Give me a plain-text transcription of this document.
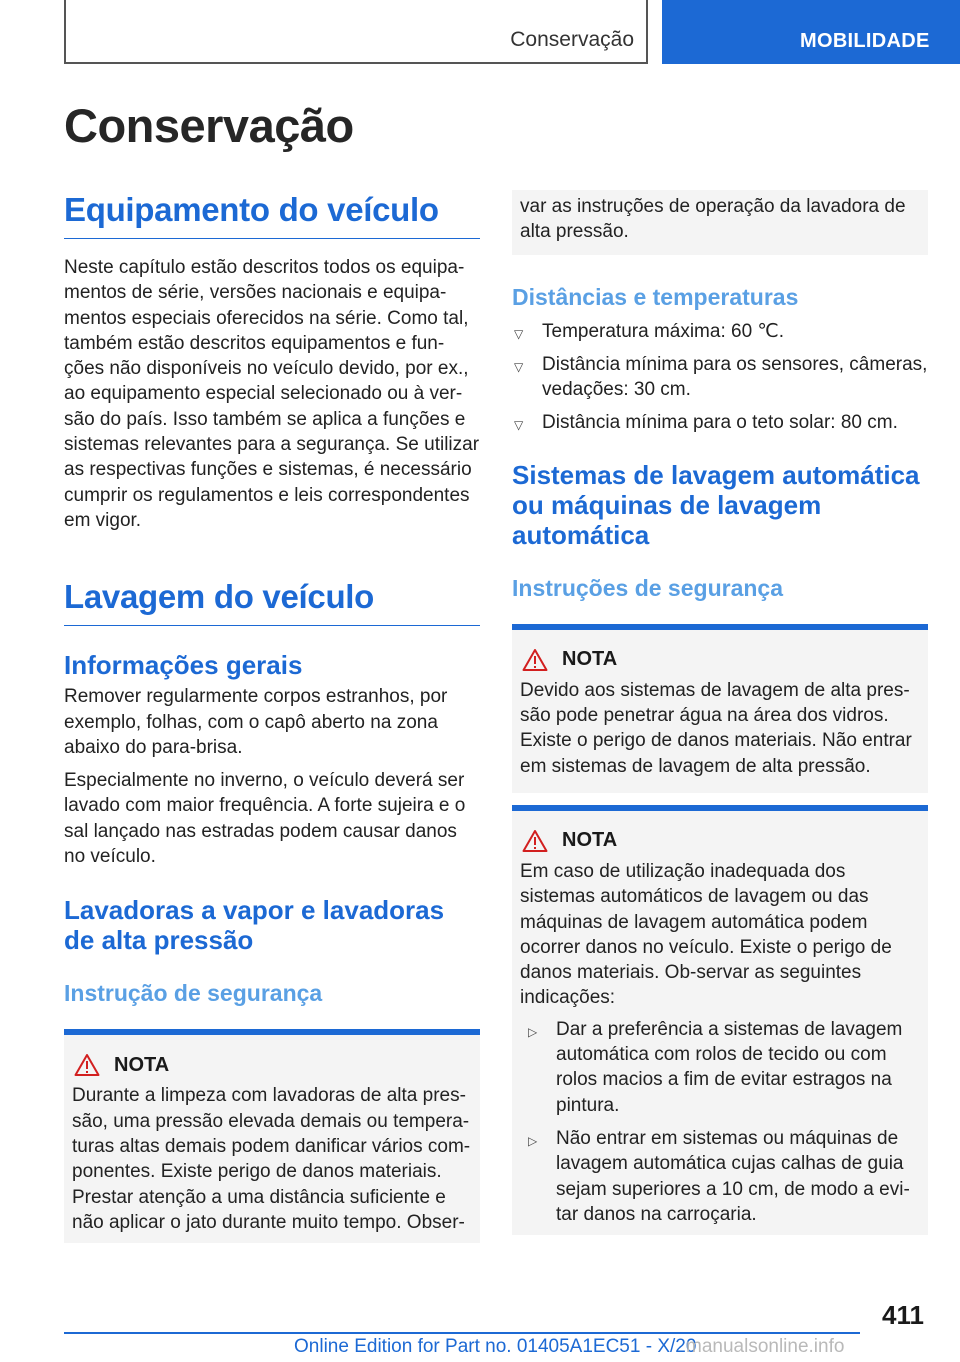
Conservação	MOBILIDADE
Conservação
Equipamento do veículo

Neste capítulo estão descritos todos os equipa-mentos de série, versões nacionais e equipa-mentos especiais oferecidos na série. Como tal, também estão descritos equipamentos e fun-ções não disponíveis no veículo devido, por ex., ao equipamento especial selecionado ou à ver-são do país. Isso também se aplica a funções e sistemas relevantes para a segurança. Se utilizar as respectivas funções e sistemas, é necessário cumprir os regulamentos e leis correspondentes em vigor.

Lavagem do veículo
Informações gerais

Remover regularmente corpos estranhos, por exemplo, folhas, com o capô aberto na zona abaixo do para-brisa.

Especialmente no inverno, o veículo deverá ser lavado com maior frequência. A forte sujeira e o sal lançado nas estradas podem causar danos no veículo.

Lavadoras a vapor e lavadoras de alta pressão
Instrução de segurança
NOTA

Durante a limpeza com lavadoras de alta pres-são, uma pressão elevada demais ou tempera-turas altas demais podem danificar vários com-ponentes. Existe perigo de danos materiais. Prestar atenção a uma distância suficiente e não aplicar o jato durante muito tempo. Obser-

var as instruções de operação da lavadora de alta pressão.

Distâncias e temperaturas
▽ Temperatura máxima: 60 ℃.
▽ Distância mínima para os sensores, câmeras, vedações: 30 cm.
▽ Distância mínima para o teto solar: 80 cm.
Sistemas de lavagem automática ou máquinas de lavagem automática
Instruções de segurança
NOTA

Devido aos sistemas de lavagem de alta pres-são pode penetrar água na área dos vidros. Existe o perigo de danos materiais. Não entrar em sistemas de lavagem de alta pressão.

NOTA

Em caso de utilização inadequada dos sistemas automáticos de lavagem ou das máquinas de lavagem automática podem ocorrer danos no veículo. Existe o perigo de danos materiais. Ob-servar as seguintes indicações:

▷ Dar a preferência a sistemas de lavagem automática com rolos de tecido ou com rolos macios a fim de evitar estragos na pintura.
▷ Não entrar em sistemas ou máquinas de lavagem automática cujas calhas de guia sejam superiores a 10 cm, de modo a evi-tar danos na carroçaria.
411
Online Edition for Part no. 01405A1EC51 - X/20
manualsonline.info
